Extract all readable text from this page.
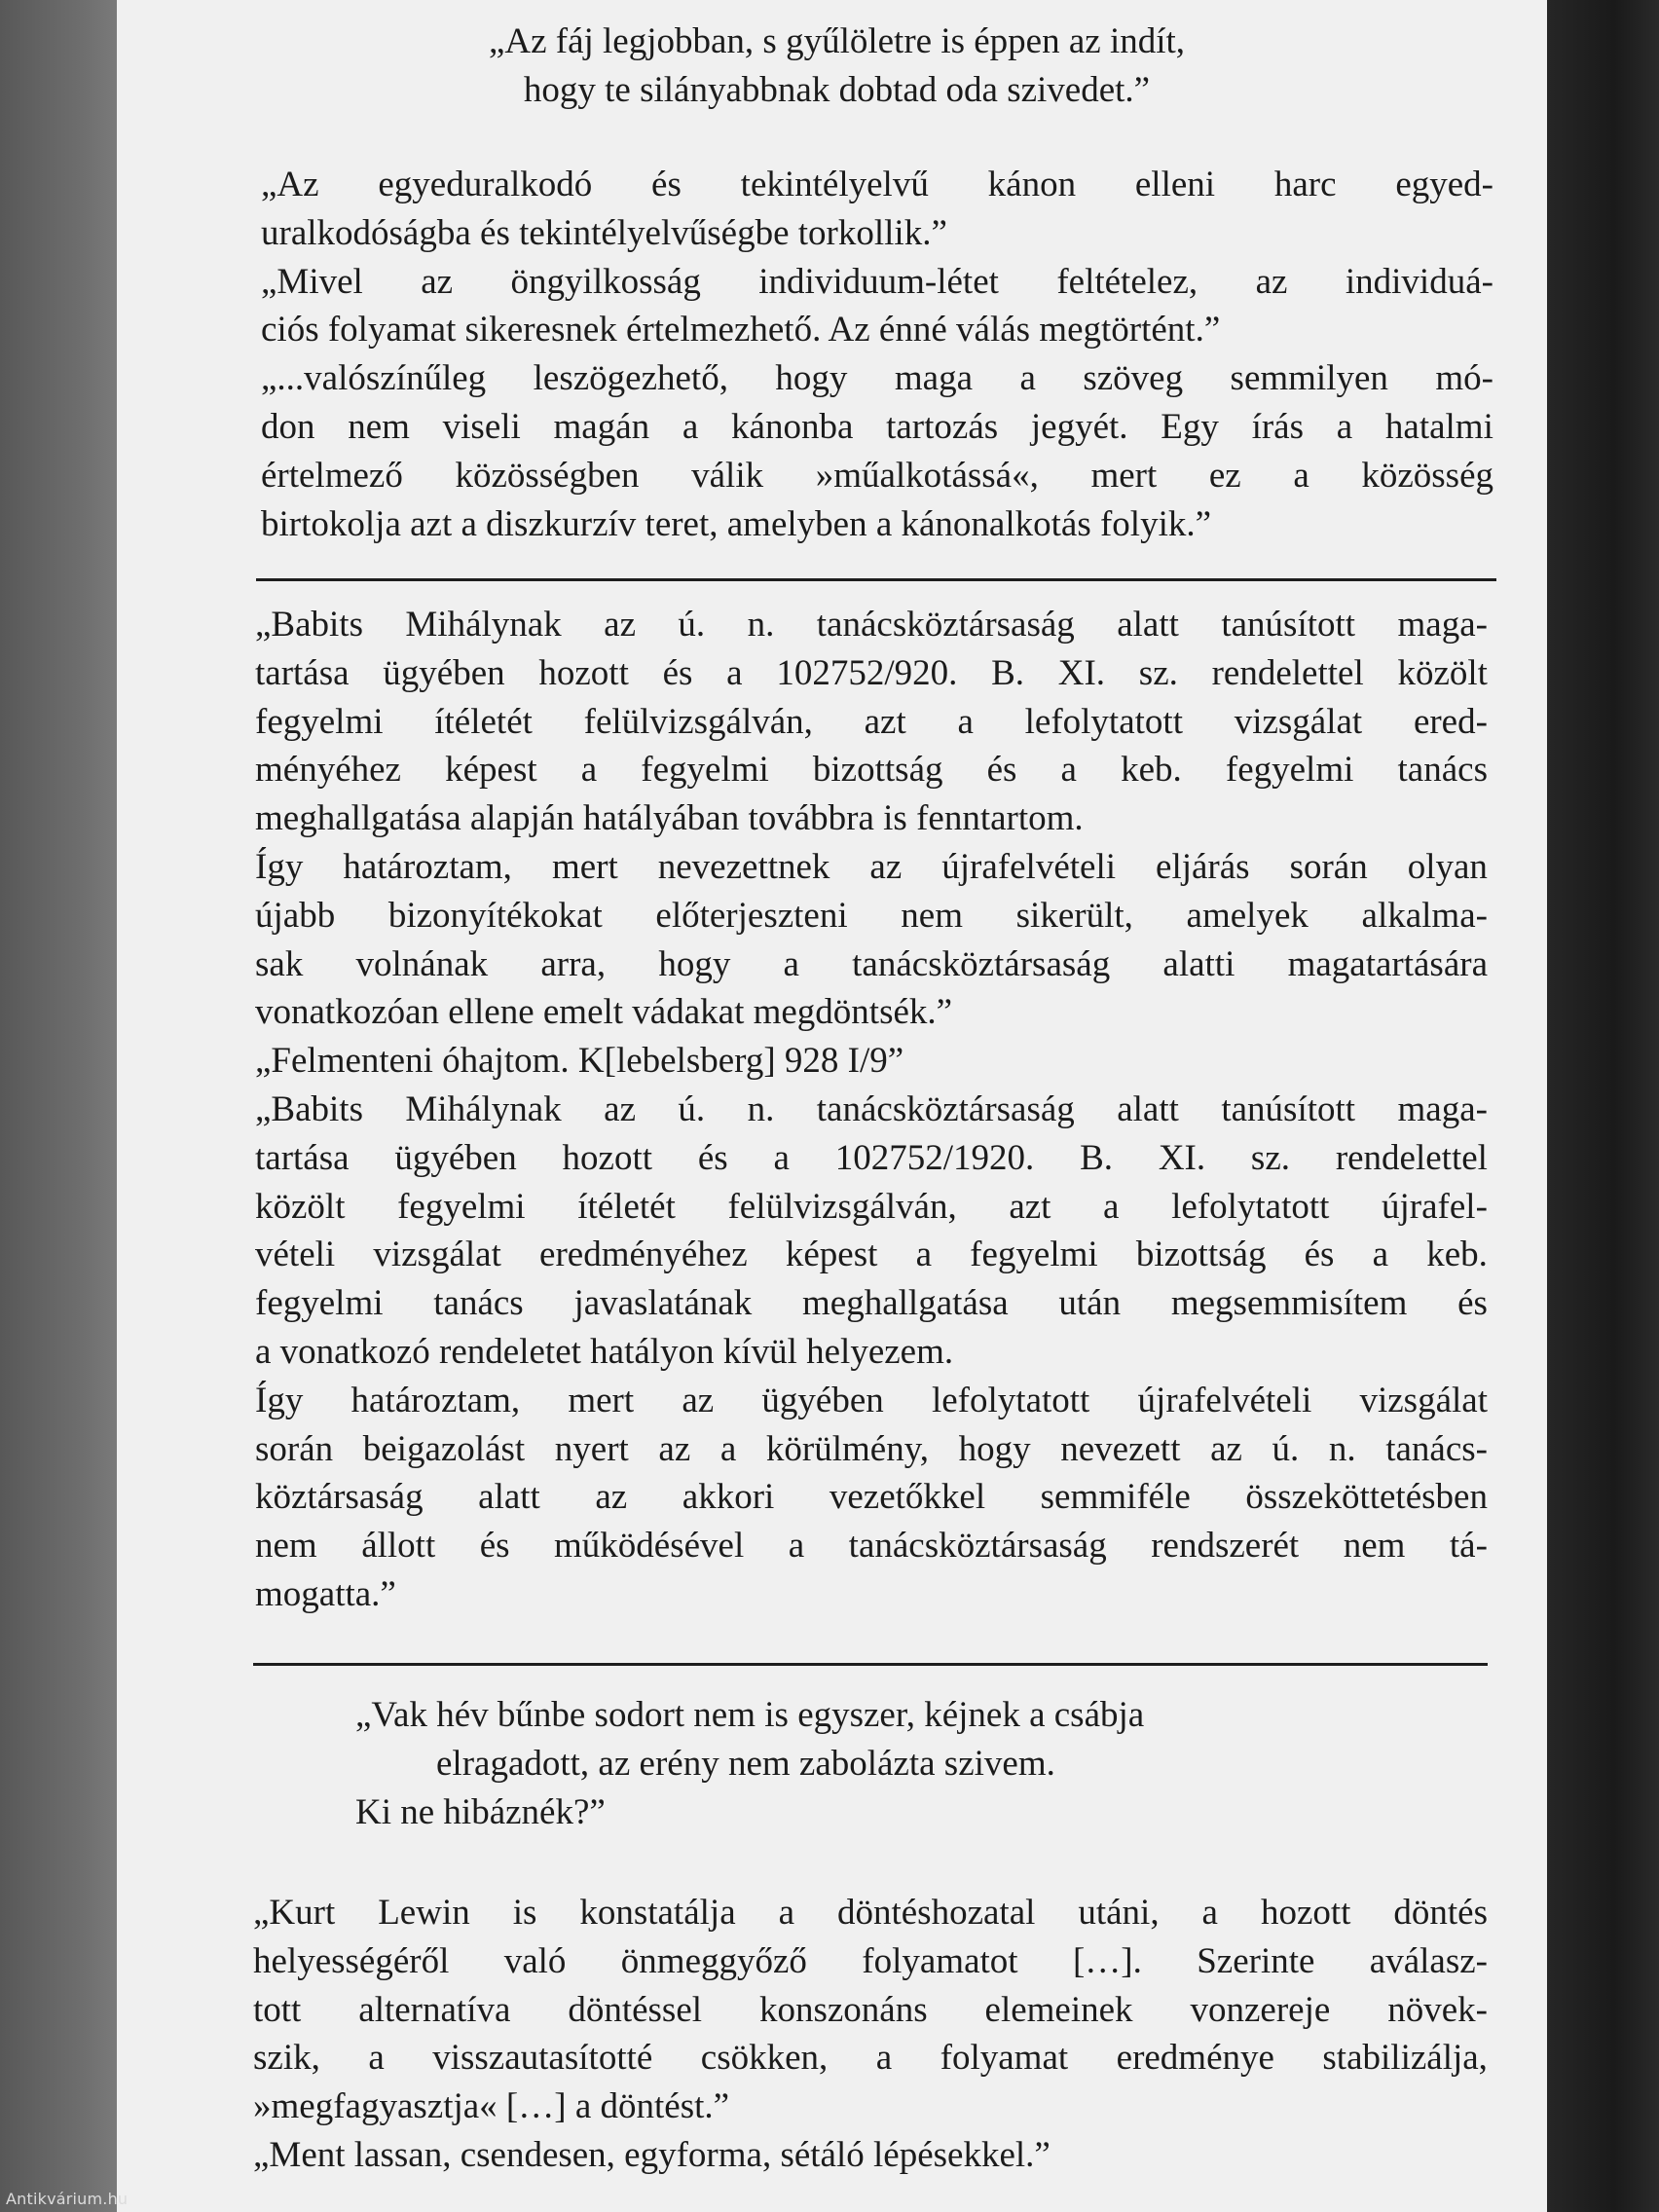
„Az fáj legjobban, s gyűlöletre is éppen az indít,
hogy te silányabbnak dobtad oda szivedet.”
„Az egyeduralkodó és tekintélyelvű kánon elleni harc egyed-
uralkodóságba és tekintélyelvűségbe torkollik.”
„Mivel az öngyilkosság individuum-létet feltételez, az individuá-
ciós folyamat sikeresnek értelmezhető. Az énné válás megtörtént.”
„...valószínűleg leszögezhető, hogy maga a szöveg semmilyen mó-
don nem viseli magán a kánonba tartozás jegyét. Egy írás a hatalmi
értelmező közösségben válik »műalkotássá«, mert ez a közösség
birtokolja azt a diszkurzív teret, amelyben a kánonalkotás folyik.”
„Babits Mihálynak az ú. n. tanácsköztársaság alatt tanúsított maga-
tartása ügyében hozott és a 102752/920. B. XI. sz. rendelettel közölt
fegyelmi ítéletét felülvizsgálván, azt a lefolytatott vizsgálat ered-
ményéhez képest a fegyelmi bizottság és a keb. fegyelmi tanács
meghallgatása alapján hatályában továbbra is fenntartom.
Így határoztam, mert nevezettnek az újrafelvételi eljárás során olyan
újabb bizonyítékokat előterjeszteni nem sikerült, amelyek alkalma-
sak volnának arra, hogy a tanácsköztársaság alatti magatartására
vonatkozóan ellene emelt vádakat megdöntsék.”
„Felmenteni óhajtom. K[lebelsberg] 928 I/9”
„Babits Mihálynak az ú. n. tanácsköztársaság alatt tanúsított maga-
tartása ügyében hozott és a 102752/1920. B. XI. sz. rendelettel
közölt fegyelmi ítéletét felülvizsgálván, azt a lefolytatott újrafel-
vételi vizsgálat eredményéhez képest a fegyelmi bizottság és a keb.
fegyelmi tanács javaslatának meghallgatása után megsemmisítem és
a vonatkozó rendeletet hatályon kívül helyezem.
Így határoztam, mert az ügyében lefolytatott újrafelvételi vizsgálat
során beigazolást nyert az a körülmény, hogy nevezett az ú. n. tanács-
köztársaság alatt az akkori vezetőkkel semmiféle összeköttetésben
nem állott és működésével a tanácsköztársaság rendszerét nem tá-
mogatta.”
„Vak hév bűnbe sodort nem is egyszer, kéjnek a csábja
elragadott, az erény nem zabolázta szivem.
Ki ne hibáznék?”
„Kurt Lewin is konstatálja a döntéshozatal utáni, a hozott döntés
helyességéről való önmeggyőző folyamatot […]. Szerinte aválasz-
tott alternatíva döntéssel konszonáns elemeinek vonzereje növek-
szik, a visszautasítotté csökken, a folyamat eredménye stabilizálja,
»megfagyasztja« […] a döntést.”
„Ment lassan, csendesen, egyforma, sétáló lépésekkel.”
Antikvárium.hu
